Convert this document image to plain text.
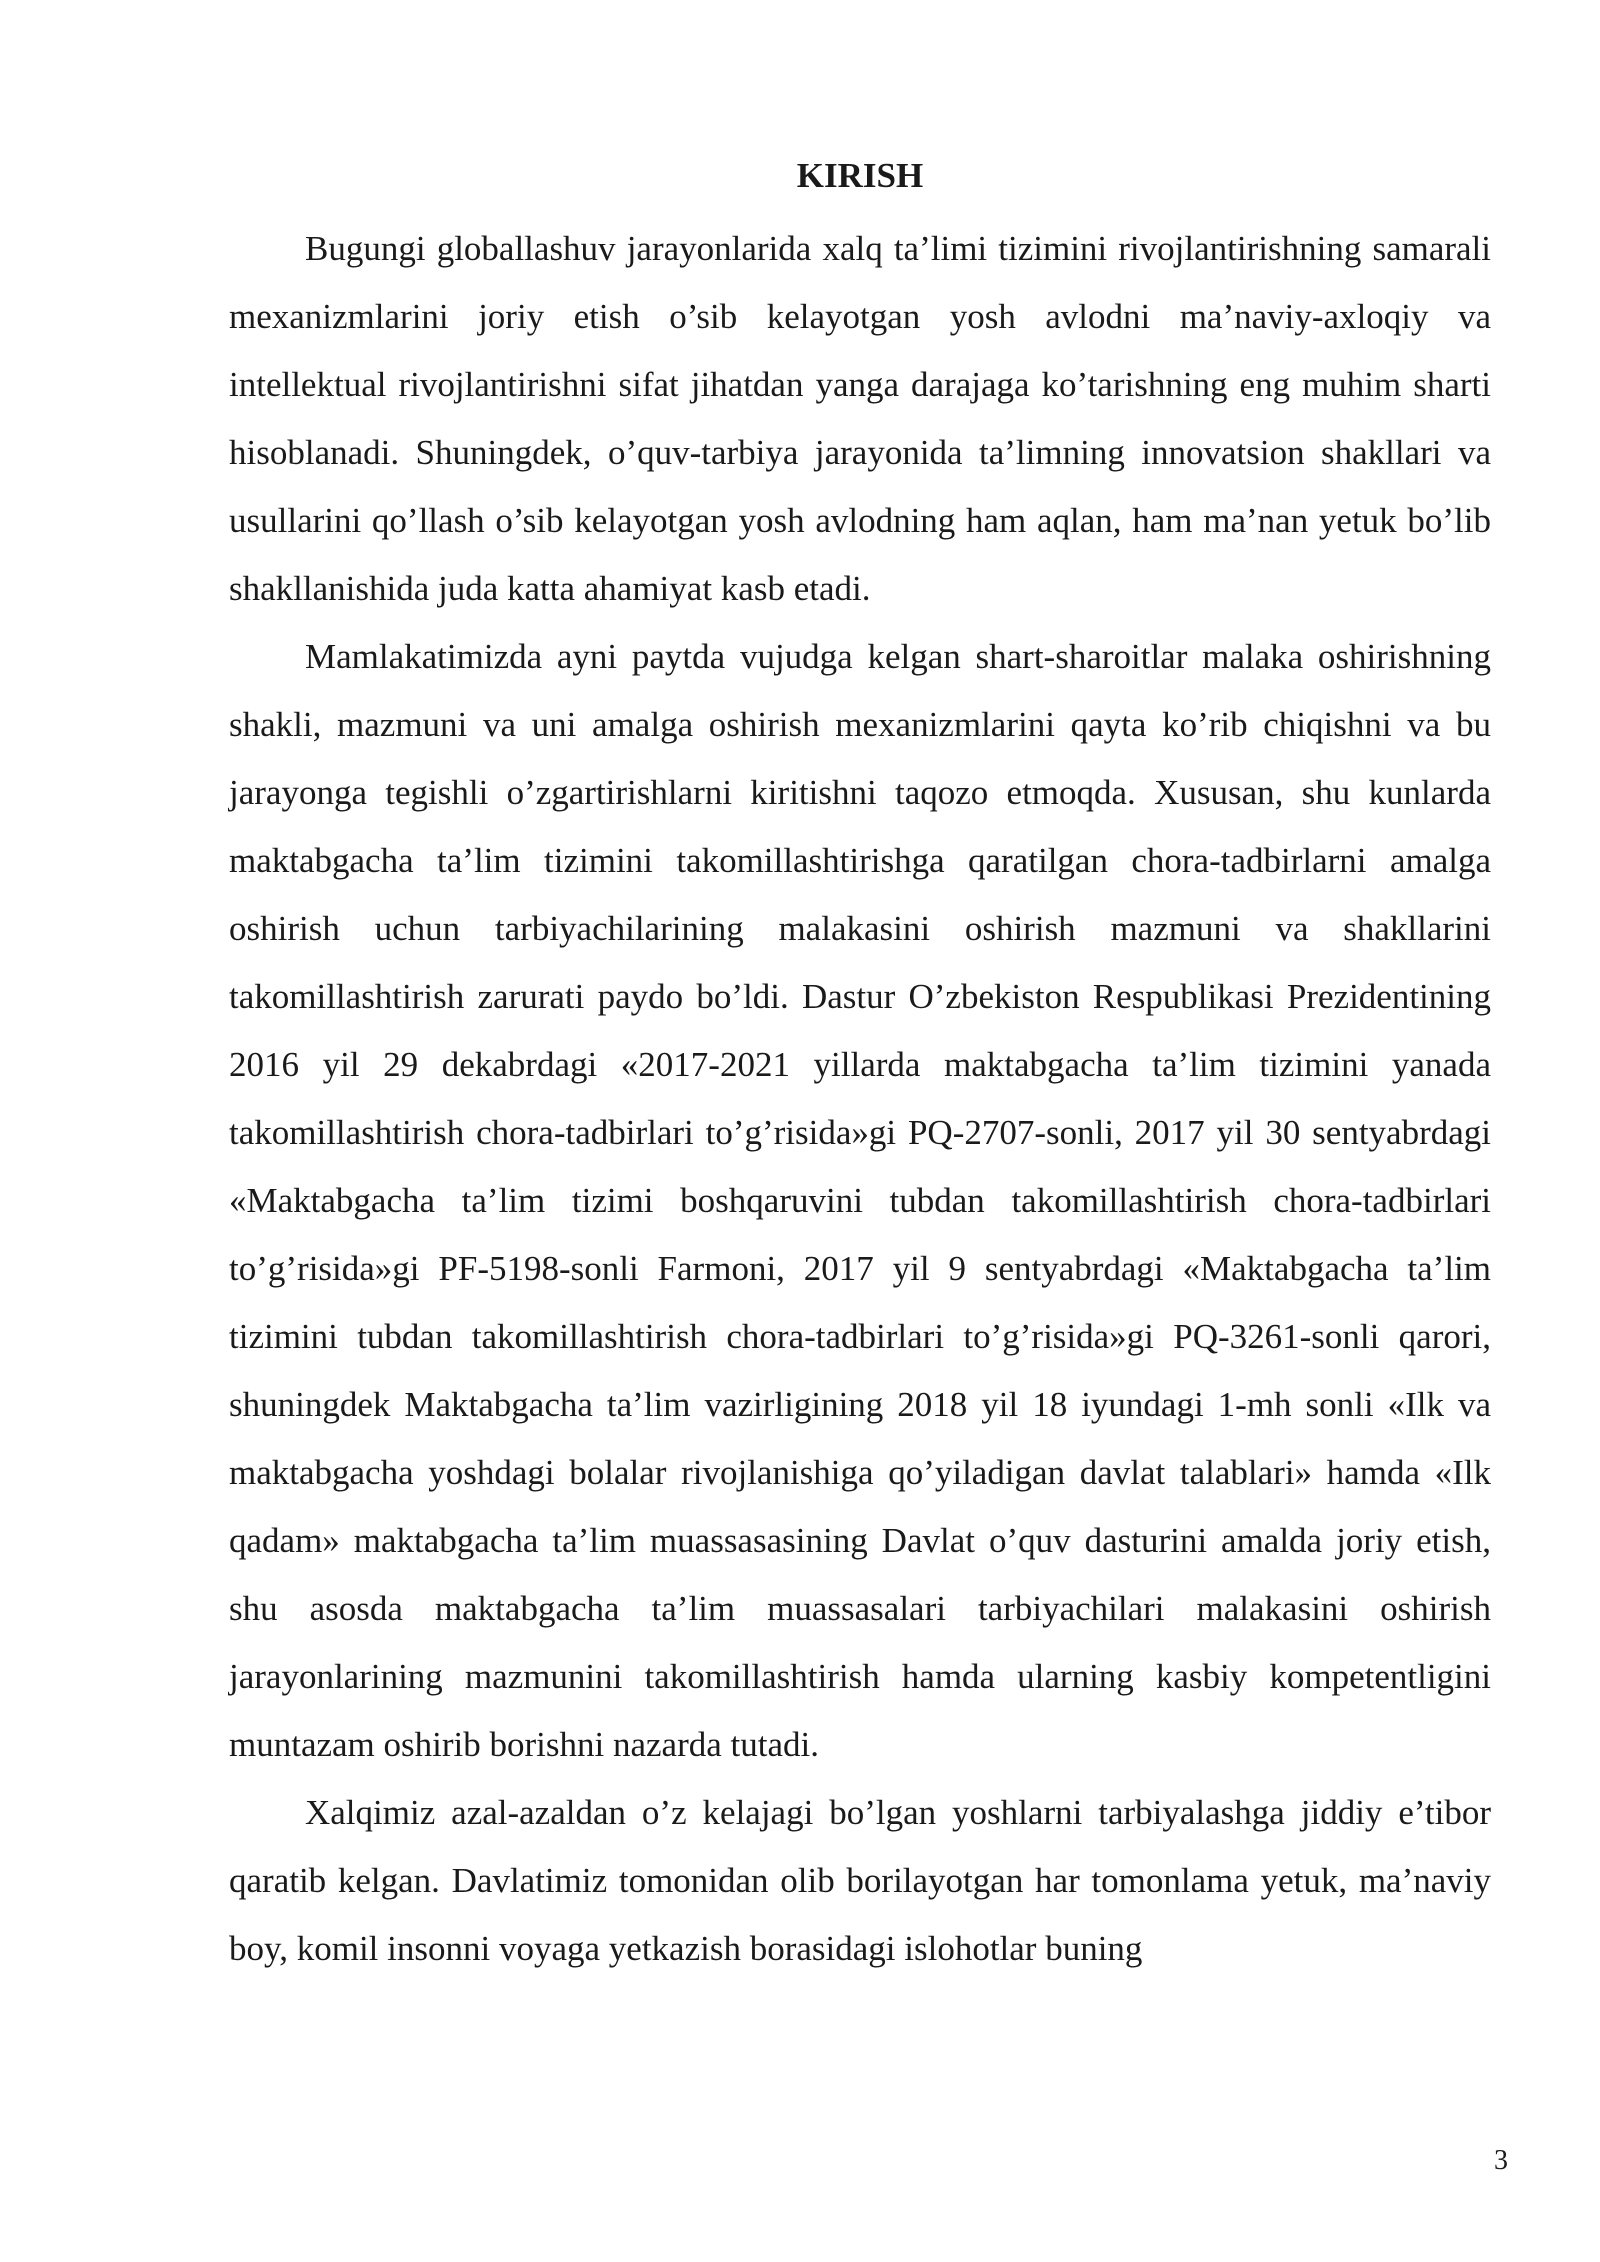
KIRISH

Bugungi globallashuv jarayonlarida xalq ta’limi tizimini rivojlantirishning samarali mexanizmlarini joriy etish o’sib kelayotgan yosh avlodni ma’naviy-axloqiy va intellektual rivojlantirishni sifat jihatdan yanga darajaga ko’tarishning eng muhim sharti hisoblanadi. Shuningdek, o’quv-tarbiya jarayonida ta’limning innovatsion shakllari va usullarini qo’llash o’sib kelayotgan yosh avlodning ham aqlan, ham ma’nan yetuk bo’lib shakllanishida juda katta ahamiyat kasb etadi.

Mamlakatimizda ayni paytda vujudga kelgan shart-sharoitlar malaka oshirishning shakli, mazmuni va uni amalga oshirish mexanizmlarini qayta ko’rib chiqishni va bu jarayonga tegishli o’zgartirishlarni kiritishni taqozo etmoqda. Xususan, shu kunlarda maktabgacha ta’lim tizimini takomillashtirishga qaratilgan chora-tadbirlarni amalga oshirish uchun tarbiyachilarining malakasini oshirish mazmuni va shakllarini takomillashtirish zarurati paydo bo’ldi. Dastur O’zbekiston Respublikasi Prezidentining 2016 yil 29 dekabrdagi «2017-2021 yillarda maktabgacha ta’lim tizimini yanada takomillashtirish chora-tadbirlari to’g’risida»gi PQ-2707-sonli, 2017 yil 30 sentyabrdagi «Maktabgacha ta’lim tizimi boshqaruvini tubdan takomillashtirish chora-tadbirlari to’g’risida»gi PF-5198-sonli Farmoni, 2017 yil 9 sentyabrdagi «Maktabgacha ta’lim tizimini tubdan takomillashtirish chora-tadbirlari to’g’risida»gi PQ-3261-sonli qarori, shuningdek Maktabgacha ta’lim vazirligining 2018 yil 18 iyundagi 1-mh sonli «Ilk va maktabgacha yoshdagi bolalar rivojlanishiga qo’yiladigan davlat talablari» hamda «Ilk qadam» maktabgacha ta’lim muassasasining Davlat o’quv dasturini amalda joriy etish, shu asosda maktabgacha ta’lim muassasalari tarbiyachilari malakasini oshirish jarayonlarining mazmunini takomillashtirish hamda ularning kasbiy kompetentligini muntazam oshirib borishni nazarda tutadi.

Xalqimiz azal-azaldan o’z kelajagi bo’lgan yoshlarni tarbiyalashga jiddiy e’tibor qaratib kelgan. Davlatimiz tomonidan olib borilayotgan har tomonlama yetuk, ma’naviy boy, komil insonni voyaga yetkazish borasidagi islohotlar buning

3
